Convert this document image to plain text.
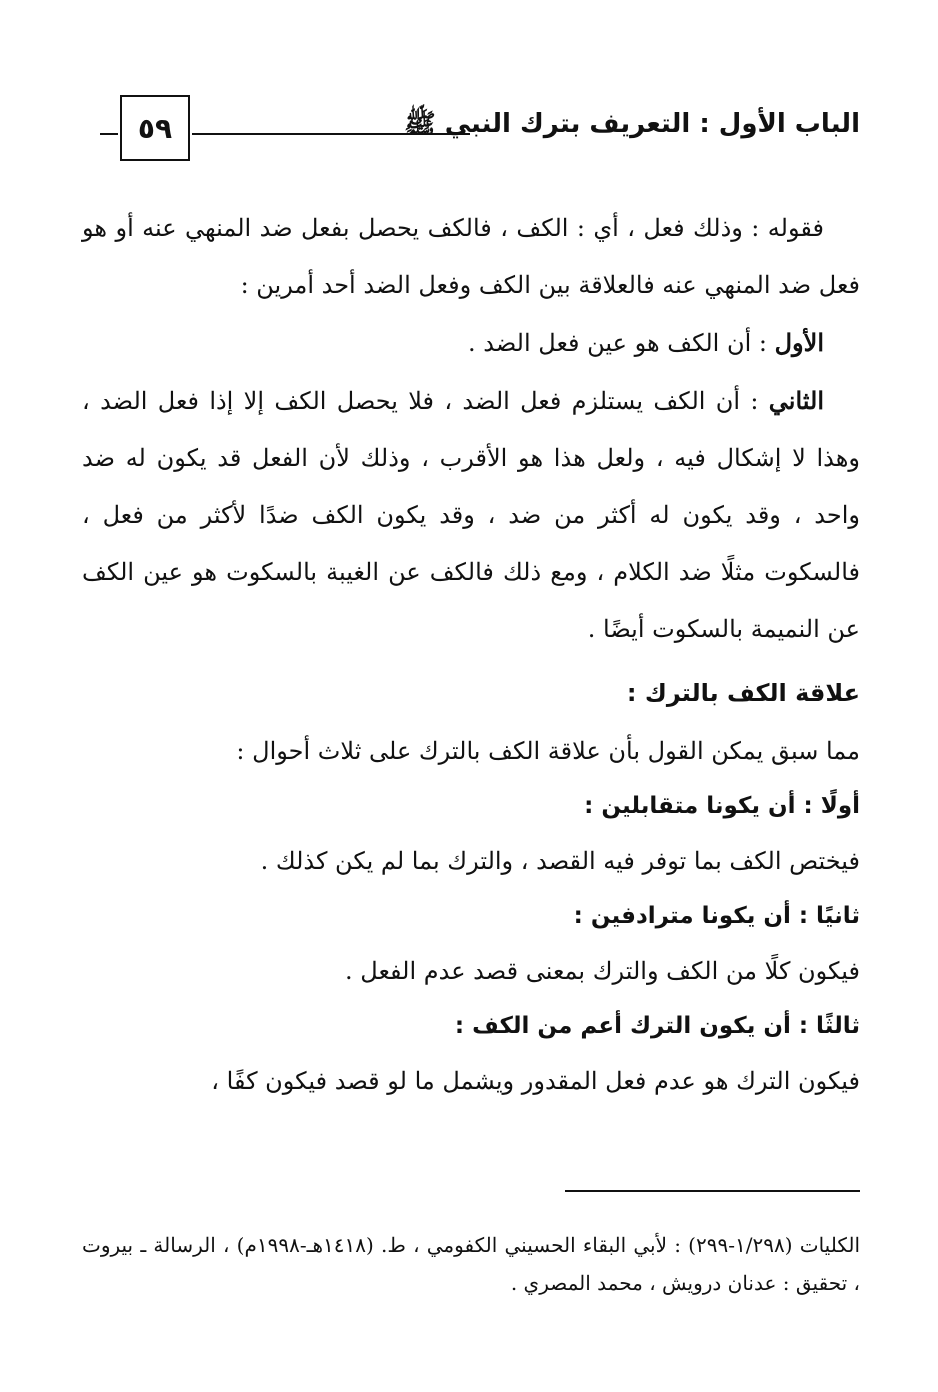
الباب الأول : التعريف بترك النبي ﷺ
٥٩

فقوله : وذلك فعل ، أي : الكف ، فالكف يحصل بفعل ضد المنهي عنه أو هو فعل ضد المنهي عنه فالعلاقة بين الكف وفعل الضد أحد أمرين :

الأول : أن الكف هو عين فعل الضد .

الثاني : أن الكف يستلزم فعل الضد ، فلا يحصل الكف إلا إذا فعل الضد ، وهذا لا إشكال فيه ، ولعل هذا هو الأقرب ، وذلك لأن الفعل قد يكون له ضد واحد ، وقد يكون له أكثر من ضد ، وقد يكون الكف ضدًا لأكثر من فعل ، فالسكوت مثلًا ضد الكلام ، ومع ذلك فالكف عن الغيبة بالسكوت هو عين الكف عن النميمة بالسكوت أيضًا .

علاقة الكف بالترك :

مما سبق يمكن القول بأن علاقة الكف بالترك على ثلاث أحوال :

أولًا : أن يكونا متقابلين :

فيختص الكف بما توفر فيه القصد ، والترك بما لم يكن كذلك .

ثانيًا : أن يكونا مترادفين :

فيكون كلًا من الكف والترك بمعنى قصد عدم الفعل .

ثالثًا : أن يكون الترك أعم من الكف :

فيكون الترك هو عدم فعل المقدور ويشمل ما لو قصد فيكون كفًا ،

الكليات (١/٢٩٨-٢٩٩) : لأبي البقاء الحسيني الكفومي ، ط. (١٤١٨هـ-١٩٩٨م) ، الرسالة ـ بيروت ، تحقيق : عدنان درويش ، محمد المصري .
